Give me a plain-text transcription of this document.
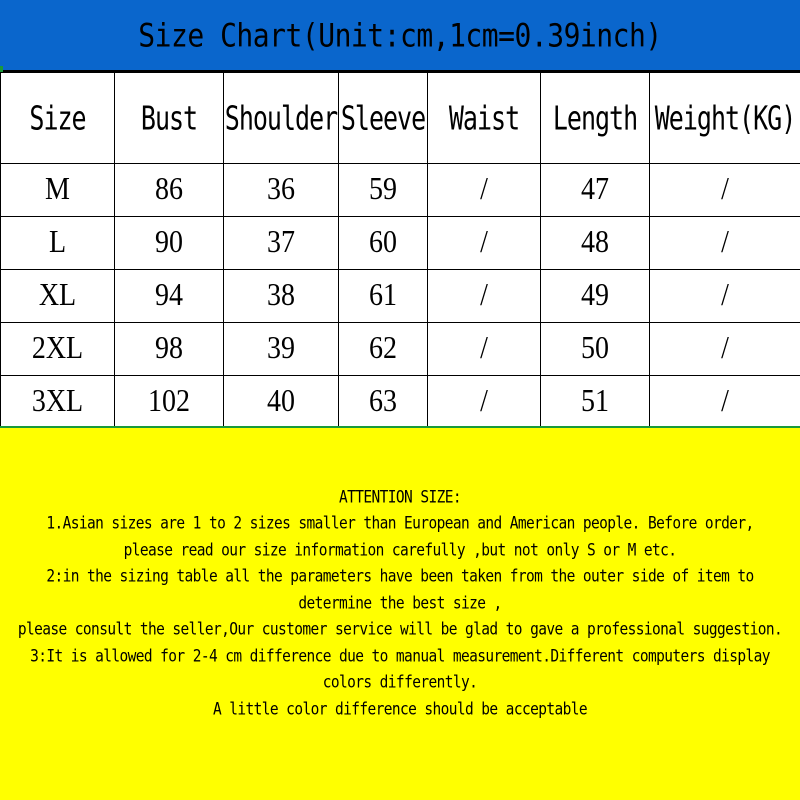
Size Chart(Unit:cm,1cm=0.39inch)
Size	Bust	Shoulder	Sleeve	Waist	Length	Weight(KG)
M	86	36	59	/	47	/
L	90	37	60	/	48	/
XL	94	38	61	/	49	/
2XL	98	39	62	/	50	/
3XL	102	40	63	/	51	/
ATTENTION SIZE:
1.Asian sizes are 1 to 2 sizes smaller than European and American people. Before order,
please read our size information carefully ,but not only S or M etc.
2:in the sizing table all the parameters have been taken from the outer side of item to
determine the best size ,
please consult the seller,Our customer service will be glad to gave a professional suggestion.
3:It is allowed for 2-4 cm difference due to manual measurement.Different computers display
colors differently.
A little color difference should be acceptable
